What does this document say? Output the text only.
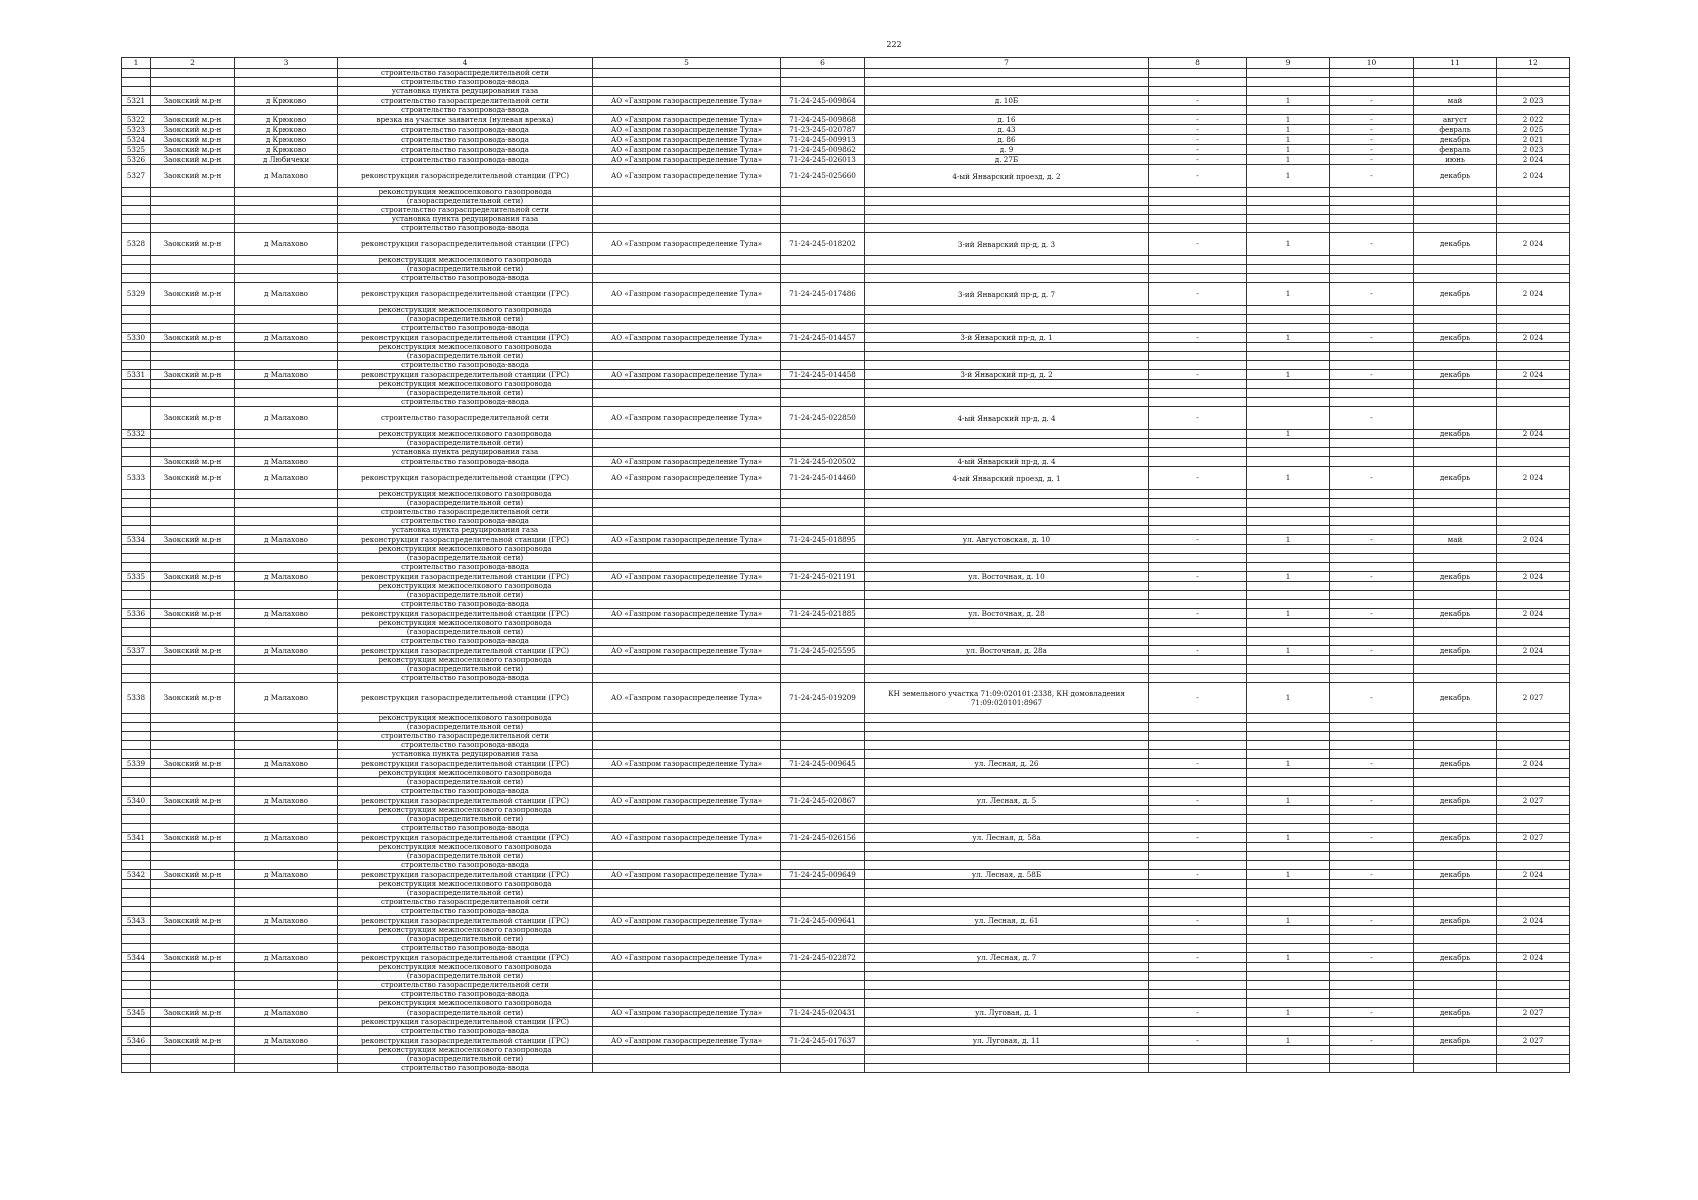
222
1	2	3	4	5	6	7	8	9	10	11	12
			строительство газораспределительной сети								
			строительство газопровода-ввода								
			установка пункта редуцирования газа								
5321	Заокский м.р-н	д Крюково	строительство газораспределительной сети	АО «Газпром газораспределение Тула»	71-24-245-009864	д. 10Б	-	1	-	май	2 023
			строительство газопровода-ввода								
5322	Заокский м.р-н	д Крюково	врезка на участке заявителя (нулевая врезка)	АО «Газпром газораспределение Тула»	71-24-245-009868	д. 16	-	1	-	август	2 022
5323	Заокский м.р-н	д Крюково	строительство газопровода-ввода	АО «Газпром газораспределение Тула»	71-23-245-020787	д. 43	-	1	-	февраль	2 025
5324	Заокский м.р-н	д Крюково	строительство газопровода-ввода	АО «Газпром газораспределение Тула»	71-24-245-009913	д. 86	-	1	-	декабрь	2 021
5325	Заокский м.р-н	д Крюково	строительство газопровода-ввода	АО «Газпром газораспределение Тула»	71-24-245-009862	д. 9	-	1	-	февраль	2 023
5326	Заокский м.р-н	д Любичеки	строительство газопровода-ввода	АО «Газпром газораспределение Тула»	71-24-245-026013	д. 27Б	-	1	-	июнь	2 024
5327	Заокский м.р-н	д Малахово	реконструкция газораспределительной станции (ГРС)	АО «Газпром газораспределение Тула»	71-24-245-025660	4-ый Январский проезд, д. 2	-	1	-	декабрь	2 024
			реконструкция межпоселкового газопровода								
			(газораспределительной сети)								
			строительство газораспределительной сети								
			установка пункта редуцирования газа								
			строительство газопровода-ввода								
5328	Заокский м.р-н	д Малахово	реконструкция газораспределительной станции (ГРС)	АО «Газпром газораспределение Тула»	71-24-245-018202	3-ий Январский пр-д, д. 3	-	1	-	декабрь	2 024
			реконструкция межпоселкового газопровода								
			(газораспределительной сети)								
			строительство газопровода-ввода								
5329	Заокский м.р-н	д Малахово	реконструкция газораспределительной станции (ГРС)	АО «Газпром газораспределение Тула»	71-24-245-017486	3-ий Январский пр-д, д. 7	-	1	-	декабрь	2 024
			реконструкция межпоселкового газопровода								
			(газораспределительной сети)								
			строительство газопровода-ввода								
5330	Заокский м.р-н	д Малахово	реконструкция газораспределительной станции (ГРС)	АО «Газпром газораспределение Тула»	71-24-245-014457	3-й Январский пр-д, д. 1	-	1	-	декабрь	2 024
			реконструкция межпоселкового газопровода								
			(газораспределительной сети)								
			строительство газопровода-ввода								
5331	Заокский м.р-н	д Малахово	реконструкция газораспределительной станции (ГРС)	АО «Газпром газораспределение Тула»	71-24-245-014458	3-й Январский пр-д, д. 2	-	1	-	декабрь	2 024
			реконструкция межпоселкового газопровода								
			(газораспределительной сети)								
			строительство газопровода-ввода								
	Заокский м.р-н	д Малахово	строительство газораспределительной сети	АО «Газпром газораспределение Тула»	71-24-245-022850	4-ый Январский пр-д, д. 4	-		-		
5332			реконструкция межпоселкового газопровода					1		декабрь	2 024
			(газораспределительной сети)								
			установка пункта редуцирования газа								
	Заокский м.р-н	д Малахово	строительство газопровода-ввода	АО «Газпром газораспределение Тула»	71-24-245-020502	4-ый Январский пр-д, д. 4					
5333	Заокский м.р-н	д Малахово	реконструкция газораспределительной станции (ГРС)	АО «Газпром газораспределение Тула»	71-24-245-014460	4-ый Январский проезд, д. 1	-	1	-	декабрь	2 024
			реконструкция межпоселкового газопровода								
			(газораспределительной сети)								
			строительство газораспределительной сети								
			строительство газопровода-ввода								
			установка пункта редуцирования газа								
5334	Заокский м.р-н	д Малахово	реконструкция газораспределительной станции (ГРС)	АО «Газпром газораспределение Тула»	71-24-245-018895	ул. Августовская, д. 10	-	1	-	май	2 024
			реконструкция межпоселкового газопровода								
			(газораспределительной сети)								
			строительство газопровода-ввода								
5335	Заокский м.р-н	д Малахово	реконструкция газораспределительной станции (ГРС)	АО «Газпром газораспределение Тула»	71-24-245-021191	ул. Восточная, д. 10	-	1	-	декабрь	2 024
			реконструкция межпоселкового газопровода								
			(газораспределительной сети)								
			строительство газопровода-ввода								
5336	Заокский м.р-н	д Малахово	реконструкция газораспределительной станции (ГРС)	АО «Газпром газораспределение Тула»	71-24-245-021885	ул. Восточная, д. 28	-	1	-	декабрь	2 024
			реконструкция межпоселкового газопровода								
			(газораспределительной сети)								
			строительство газопровода-ввода								
5337	Заокский м.р-н	д Малахово	реконструкция газораспределительной станции (ГРС)	АО «Газпром газораспределение Тула»	71-24-245-025595	ул. Восточная, д. 28а	-	1	-	декабрь	2 024
			реконструкция межпоселкового газопровода								
			(газораспределительной сети)								
			строительство газопровода-ввода								
5338	Заокский м.р-н	д Малахово	реконструкция газораспределительной станции (ГРС)	АО «Газпром газораспределение Тула»	71-24-245-019209	КН земельного участка 71:09:020101:2338, КН домовладения 71:09:020101:8967	-	1	-	декабрь	2 027
			реконструкция межпоселкового газопровода								
			(газораспределительной сети)								
			строительство газораспределительной сети								
			строительство газопровода-ввода								
			установка пункта редуцирования газа								
5339	Заокский м.р-н	д Малахово	реконструкция газораспределительной станции (ГРС)	АО «Газпром газораспределение Тула»	71-24-245-009645	ул. Лесная, д. 26	-	1	-	декабрь	2 024
			реконструкция межпоселкового газопровода								
			(газораспределительной сети)								
			строительство газопровода-ввода								
5340	Заокский м.р-н	д Малахово	реконструкция газораспределительной станции (ГРС)	АО «Газпром газораспределение Тула»	71-24-245-020867	ул. Лесная, д. 5	-	1	-	декабрь	2 027
			реконструкция межпоселкового газопровода								
			(газораспределительной сети)								
			строительство газопровода-ввода								
5341	Заокский м.р-н	д Малахово	реконструкция газораспределительной станции (ГРС)	АО «Газпром газораспределение Тула»	71-24-245-026156	ул. Лесная, д. 58а	-	1	-	декабрь	2 027
			реконструкция межпоселкового газопровода								
			(газораспределительной сети)								
			строительство газопровода-ввода								
5342	Заокский м.р-н	д Малахово	реконструкция газораспределительной станции (ГРС)	АО «Газпром газораспределение Тула»	71-24-245-009649	ул. Лесная, д. 58Б	-	1	-	декабрь	2 024
			реконструкция межпоселкового газопровода								
			(газораспределительной сети)								
			строительство газораспределительной сети								
			строительство газопровода-ввода								
5343	Заокский м.р-н	д Малахово	реконструкция газораспределительной станции (ГРС)	АО «Газпром газораспределение Тула»	71-24-245-009641	ул. Лесная, д. 61	-	1	-	декабрь	2 024
			реконструкция межпоселкового газопровода								
			(газораспределительной сети)								
			строительство газопровода-ввода								
5344	Заокский м.р-н	д Малахово	реконструкция газораспределительной станции (ГРС)	АО «Газпром газораспределение Тула»	71-24-245-022872	ул. Лесная, д. 7	-	1	-	декабрь	2 024
			реконструкция межпоселкового газопровода								
			(газораспределительной сети)								
			строительство газораспределительной сети								
			строительство газопровода-ввода								
			реконструкция межпоселкового газопровода								
5345	Заокский м.р-н	д Малахово	(газораспределительной сети)	АО «Газпром газораспределение Тула»	71-24-245-020431	ул. Луговая, д. 1	-	1	-	декабрь	2 027
			реконструкция газораспределительной станции (ГРС)								
			строительство газопровода-ввода								
5346	Заокский м.р-н	д Малахово	реконструкция газораспределительной станции (ГРС)	АО «Газпром газораспределение Тула»	71-24-245-017637	ул. Луговая, д. 11	-	1	-	декабрь	2 027
			реконструкция межпоселкового газопровода								
			(газораспределительной сети)								
			строительство газопровода-ввода								
